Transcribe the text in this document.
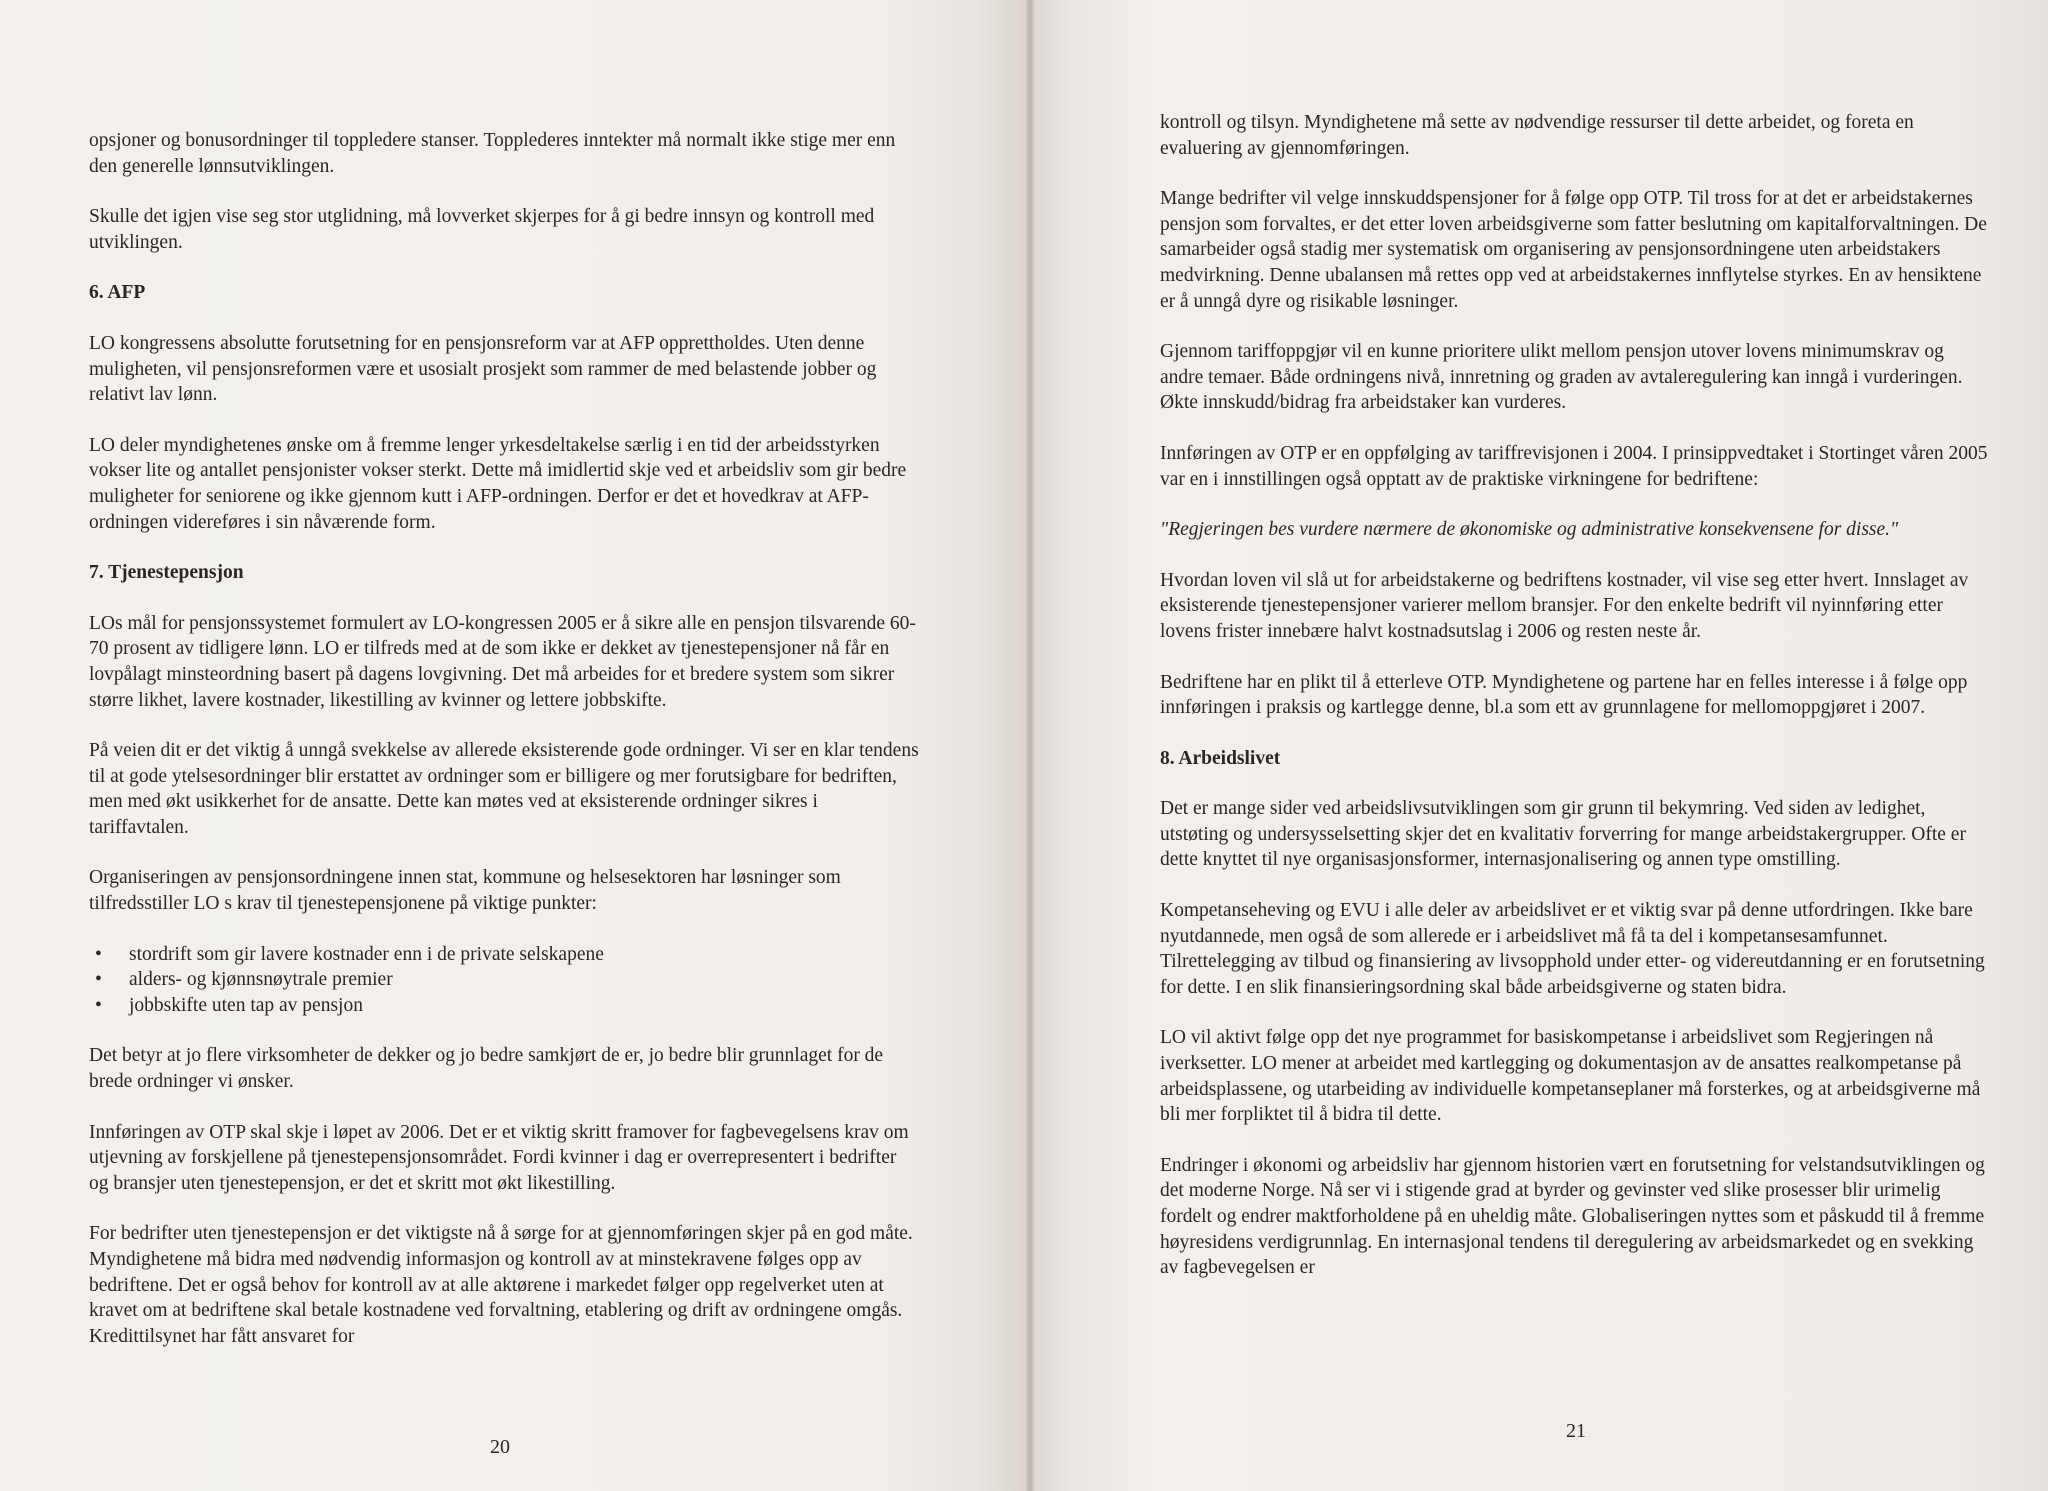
opsjoner og bonusordninger til toppledere stanser. Topplederes inntekter må normalt ikke stige mer enn den generelle lønnsutviklingen.

Skulle det igjen vise seg stor utglidning, må lovverket skjerpes for å gi bedre innsyn og kontroll med utviklingen.

6. AFP

LO kongressens absolutte forutsetning for en pensjonsreform var at AFP opprettholdes. Uten denne muligheten, vil pensjonsreformen være et usosialt prosjekt som rammer de med belastende jobber og relativt lav lønn.

LO deler myndighetenes ønske om å fremme lenger yrkesdeltakelse særlig i en tid der arbeidsstyrken vokser lite og antallet pensjonister vokser sterkt. Dette må imidlertid skje ved et arbeidsliv som gir bedre muligheter for seniorene og ikke gjennom kutt i AFP-ordningen. Derfor er det et hovedkrav at AFP-ordningen videreføres i sin nåværende form.

7. Tjenestepensjon

LOs mål for pensjonssystemet formulert av LO-kongressen 2005 er å sikre alle en pensjon tilsvarende 60-70 prosent av tidligere lønn. LO er tilfreds med at de som ikke er dekket av tjenestepensjoner nå får en lovpålagt minsteordning basert på dagens lovgivning. Det må arbeides for et bredere system som sikrer større likhet, lavere kostnader, likestilling av kvinner og lettere jobbskifte.

På veien dit er det viktig å unngå svekkelse av allerede eksisterende gode ordninger. Vi ser en klar tendens til at gode ytelsesordninger blir erstattet av ordninger som er billigere og mer forutsigbare for bedriften, men med økt usikkerhet for de ansatte. Dette kan møtes ved at eksisterende ordninger sikres i tariffavtalen.

Organiseringen av pensjonsordningene innen stat, kommune og helsesektoren har løsninger som tilfredsstiller LO s krav til tjenestepensjonene på viktige punkter:

• stordrift som gir lavere kostnader enn i de private selskapene
• alders- og kjønnsnøytrale premier
• jobbskifte uten tap av pensjon

Det betyr at jo flere virksomheter de dekker og jo bedre samkjørt de er, jo bedre blir grunnlaget for de brede ordninger vi ønsker.

Innføringen av OTP skal skje i løpet av 2006. Det er et viktig skritt framover for fagbevegelsens krav om utjevning av forskjellene på tjenestepensjonsområdet. Fordi kvinner i dag er overrepresentert i bedrifter og bransjer uten tjenestepensjon, er det et skritt mot økt likestilling.

For bedrifter uten tjenestepensjon er det viktigste nå å sørge for at gjennomføringen skjer på en god måte. Myndighetene må bidra med nødvendig informasjon og kontroll av at minstekravene følges opp av bedriftene. Det er også behov for kontroll av at alle aktørene i markedet følger opp regelverket uten at kravet om at bedriftene skal betale kostnadene ved forvaltning, etablering og drift av ordningene omgås. Kredittilsynet har fått ansvaret for

20

kontroll og tilsyn. Myndighetene må sette av nødvendige ressurser til dette arbeidet, og foreta en evaluering av gjennomføringen.

Mange bedrifter vil velge innskuddspensjoner for å følge opp OTP. Til tross for at det er arbeidstakernes pensjon som forvaltes, er det etter loven arbeidsgiverne som fatter beslutning om kapitalforvaltningen. De samarbeider også stadig mer systematisk om organisering av pensjonsordningene uten arbeidstakers medvirkning. Denne ubalansen må rettes opp ved at arbeidstakernes innflytelse styrkes. En av hensiktene er å unngå dyre og risikable løsninger.

Gjennom tariffoppgjør vil en kunne prioritere ulikt mellom pensjon utover lovens minimumskrav og andre temaer. Både ordningens nivå, innretning og graden av avtaleregulering kan inngå i vurderingen. Økte innskudd/bidrag fra arbeidstaker kan vurderes.

Innføringen av OTP er en oppfølging av tariffrevisjonen i 2004. I prinsippvedtaket i Stortinget våren 2005 var en i innstillingen også opptatt av de praktiske virkningene for bedriftene:

"Regjeringen bes vurdere nærmere de økonomiske og administrative konsekvensene for disse."

Hvordan loven vil slå ut for arbeidstakerne og bedriftens kostnader, vil vise seg etter hvert. Innslaget av eksisterende tjenestepensjoner varierer mellom bransjer. For den enkelte bedrift vil nyinnføring etter lovens frister innebære halvt kostnadsutslag i 2006 og resten neste år.

Bedriftene har en plikt til å etterleve OTP. Myndighetene og partene har en felles interesse i å følge opp innføringen i praksis og kartlegge denne, bl.a som ett av grunnlagene for mellomoppgjøret i 2007.

8. Arbeidslivet

Det er mange sider ved arbeidslivsutviklingen som gir grunn til bekymring. Ved siden av ledighet, utstøting og undersysselsetting skjer det en kvalitativ forverring for mange arbeidstakergrupper. Ofte er dette knyttet til nye organisasjonsformer, internasjonalisering og annen type omstilling.

Kompetanseheving og EVU i alle deler av arbeidslivet er et viktig svar på denne utfordringen. Ikke bare nyutdannede, men også de som allerede er i arbeidslivet må få ta del i kompetansesamfunnet. Tilrettelegging av tilbud og finansiering av livsopphold under etter- og videreutdanning er en forutsetning for dette. I en slik finansieringsordning skal både arbeidsgiverne og staten bidra.

LO vil aktivt følge opp det nye programmet for basiskompetanse i arbeidslivet som Regjeringen nå iverksetter. LO mener at arbeidet med kartlegging og dokumentasjon av de ansattes realkompetanse på arbeidsplassene, og utarbeiding av individuelle kompetanseplaner må forsterkes, og at arbeidsgiverne må bli mer forpliktet til å bidra til dette.

Endringer i økonomi og arbeidsliv har gjennom historien vært en forutsetning for velstandsutviklingen og det moderne Norge. Nå ser vi i stigende grad at byrder og gevinster ved slike prosesser blir urimelig fordelt og endrer maktforholdene på en uheldig måte. Globaliseringen nyttes som et påskudd til å fremme høyresidens verdigrunnlag. En internasjonal tendens til deregulering av arbeidsmarkedet og en svekking av fagbevegelsen er

21
